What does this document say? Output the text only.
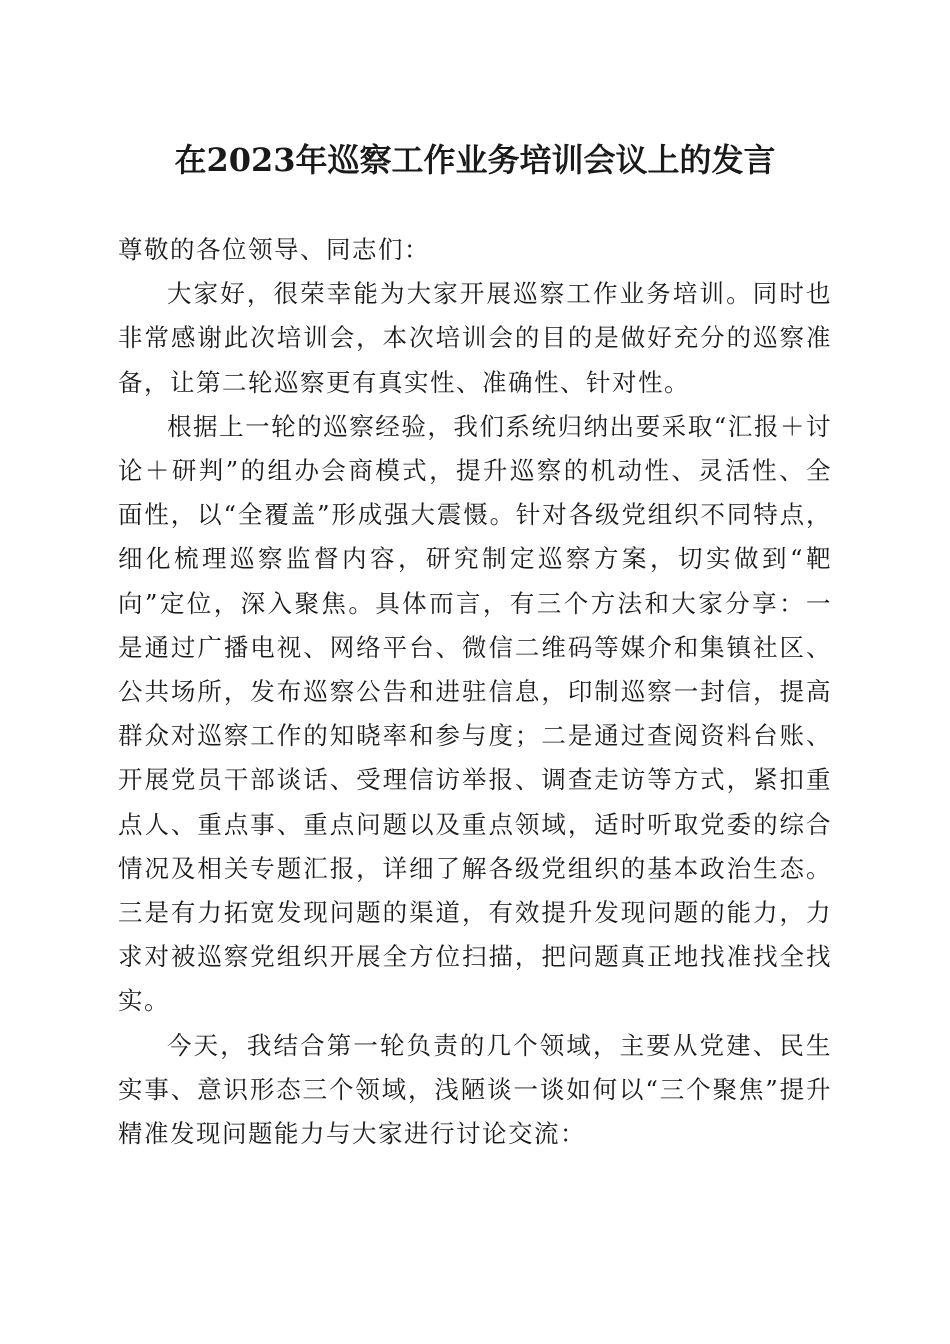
在2023年巡察工作业务培训会议上的发言

尊敬的各位领导、同志们：

大家好，很荣幸能为大家开展巡察工作业务培训。同时也非常感谢此次培训会，本次培训会的目的是做好充分的巡察准备，让第二轮巡察更有真实性、准确性、针对性。

根据上一轮的巡察经验，我们系统归纳出要采取“汇报＋讨论＋研判”的组办会商模式，提升巡察的机动性、灵活性、全面性，以“全覆盖”形成强大震慑。针对各级党组织不同特点，细化梳理巡察监督内容，研究制定巡察方案，切实做到“靶向”定位，深入聚焦。具体而言，有三个方法和大家分享：一是通过广播电视、网络平台、微信二维码等媒介和集镇社区、公共场所，发布巡察公告和进驻信息，印制巡察一封信，提高群众对巡察工作的知晓率和参与度；二是通过查阅资料台账、开展党员干部谈话、受理信访举报、调查走访等方式，紧扣重点人、重点事、重点问题以及重点领域，适时听取党委的综合情况及相关专题汇报，详细了解各级党组织的基本政治生态。三是有力拓宽发现问题的渠道，有效提升发现问题的能力，力求对被巡察党组织开展全方位扫描，把问题真正地找准找全找实。

今天，我结合第一轮负责的几个领域，主要从党建、民生实事、意识形态三个领域，浅陋谈一谈如何以“三个聚焦”提升精准发现问题能力与大家进行讨论交流：
